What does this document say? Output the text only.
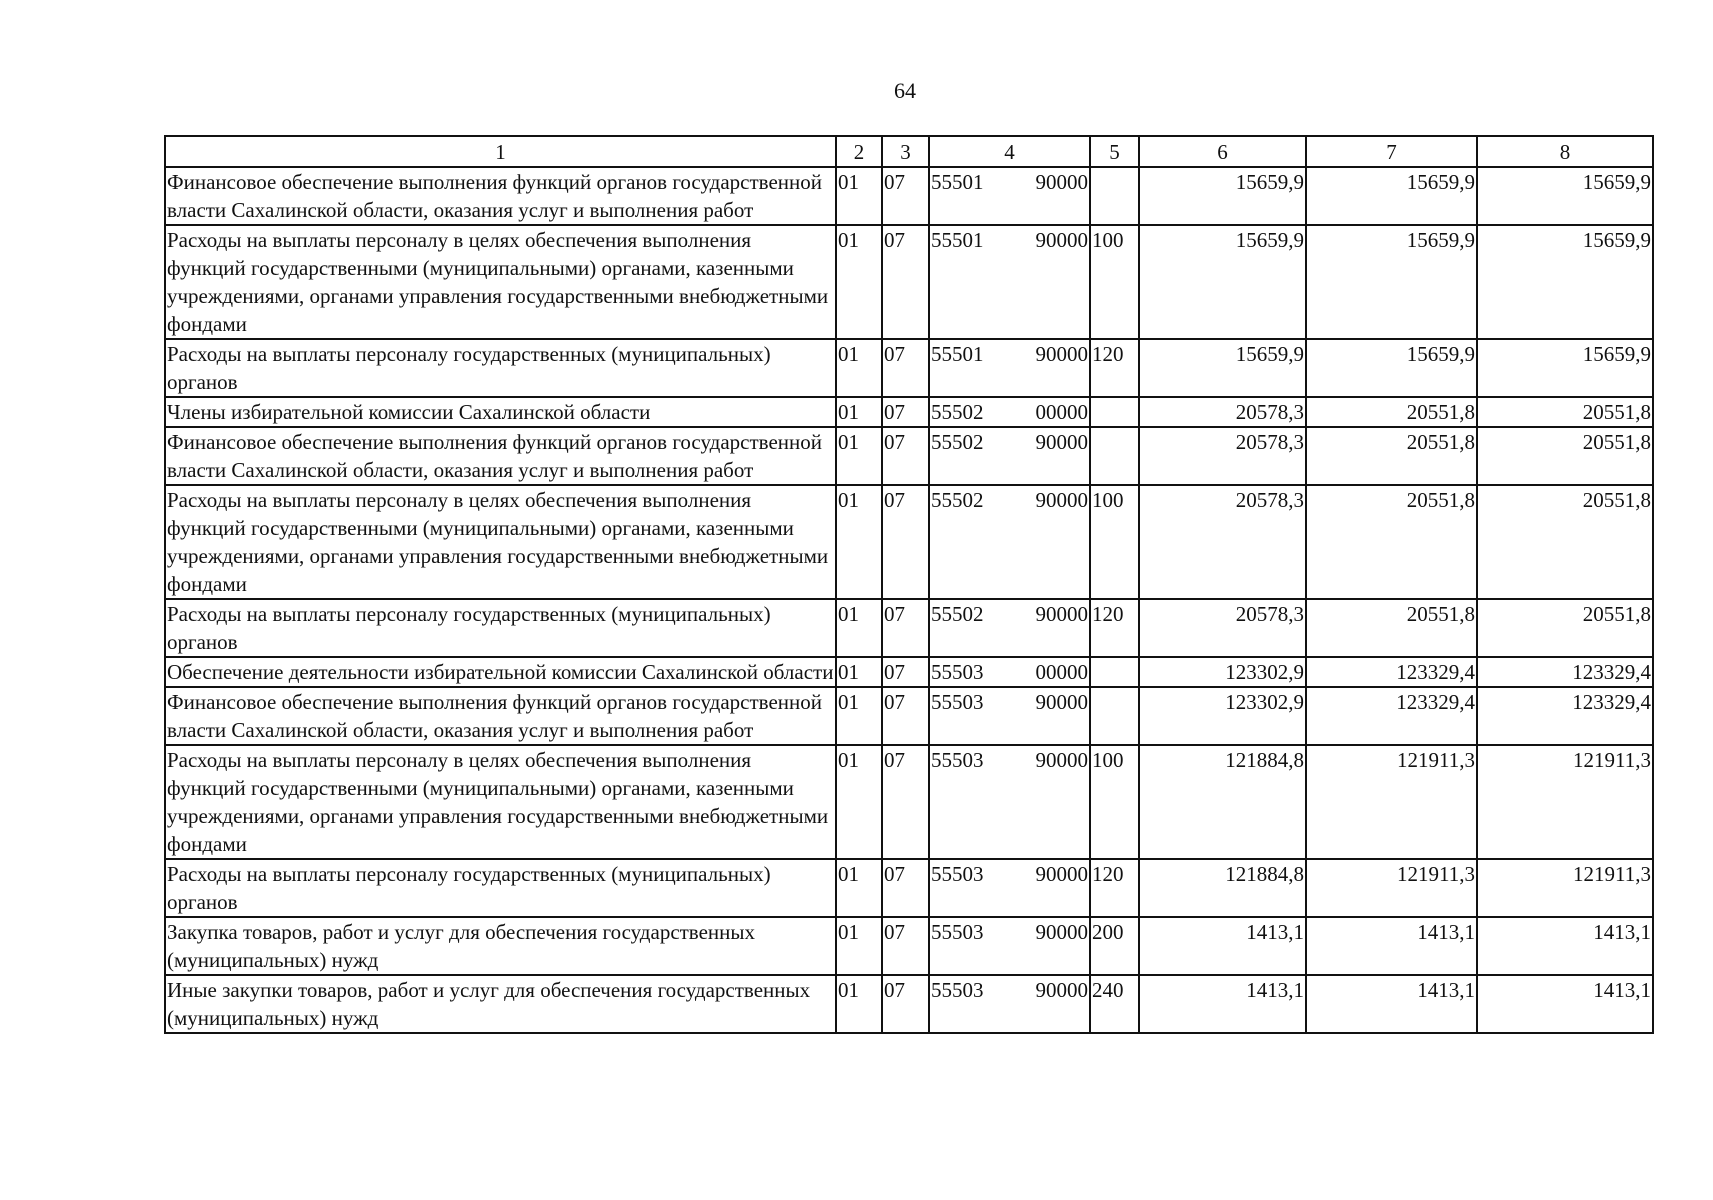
64
1	2	3	4	5	6	7	8
Финансовое обеспечение выполнения функций органов государственной власти Сахалинской области, оказания услуг и выполнения работ	01	07	55501 90000		15659,9	15659,9	15659,9
Расходы на выплаты персоналу в целях обеспечения выполнения функций государственными (муниципальными) органами, казенными учреждениями, органами управления государственными внебюджетными фондами	01	07	55501 90000	100	15659,9	15659,9	15659,9
Расходы на выплаты персоналу государственных (муниципальных) органов	01	07	55501 90000	120	15659,9	15659,9	15659,9
Члены избирательной комиссии Сахалинской области	01	07	55502 00000		20578,3	20551,8	20551,8
Финансовое обеспечение выполнения функций органов государственной власти Сахалинской области, оказания услуг и выполнения работ	01	07	55502 90000		20578,3	20551,8	20551,8
Расходы на выплаты персоналу в целях обеспечения выполнения функций государственными (муниципальными) органами, казенными учреждениями, органами управления государственными внебюджетными фондами	01	07	55502 90000	100	20578,3	20551,8	20551,8
Расходы на выплаты персоналу государственных (муниципальных) органов	01	07	55502 90000	120	20578,3	20551,8	20551,8
Обеспечение деятельности избирательной комиссии Сахалинской области	01	07	55503 00000		123302,9	123329,4	123329,4
Финансовое обеспечение выполнения функций органов государственной власти Сахалинской области, оказания услуг и выполнения работ	01	07	55503 90000		123302,9	123329,4	123329,4
Расходы на выплаты персоналу в целях обеспечения выполнения функций государственными (муниципальными) органами, казенными учреждениями, органами управления государственными внебюджетными фондами	01	07	55503 90000	100	121884,8	121911,3	121911,3
Расходы на выплаты персоналу государственных (муниципальных) органов	01	07	55503 90000	120	121884,8	121911,3	121911,3
Закупка товаров, работ и услуг для обеспечения государственных (муниципальных) нужд	01	07	55503 90000	200	1413,1	1413,1	1413,1
Иные закупки товаров, работ и услуг для обеспечения государственных (муниципальных) нужд	01	07	55503 90000	240	1413,1	1413,1	1413,1
